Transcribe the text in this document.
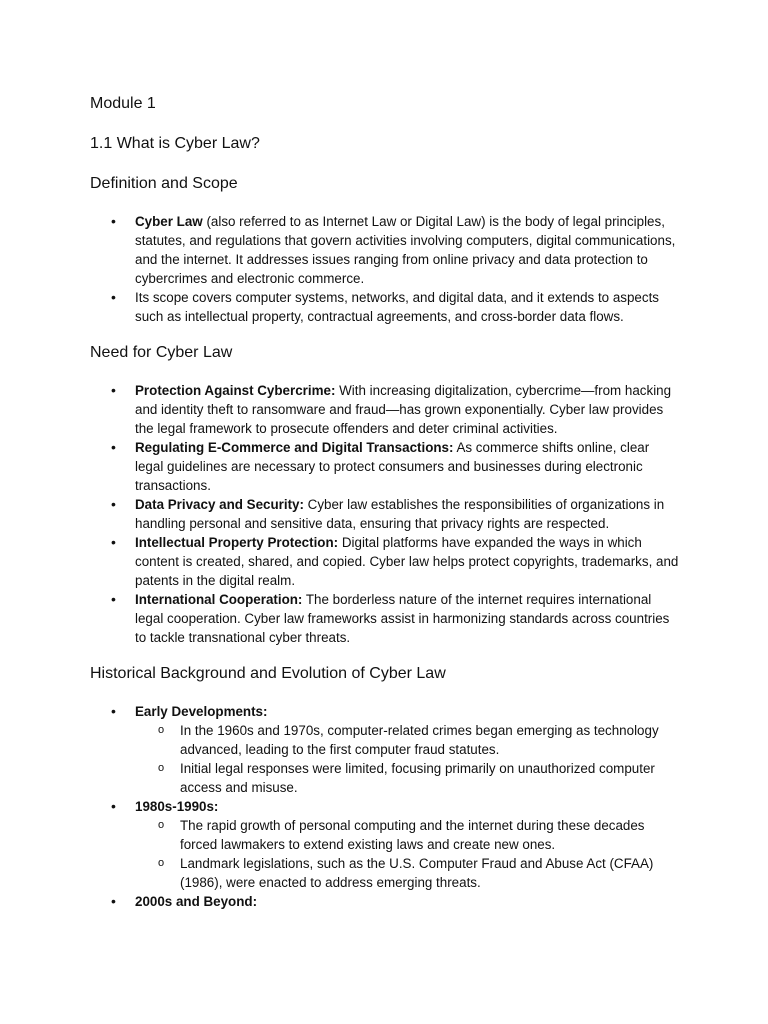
Module 1
1.1 What is Cyber Law?
Definition and Scope
• Cyber Law (also referred to as Internet Law or Digital Law) is the body of legal principles, statutes, and regulations that govern activities involving computers, digital communications, and the internet. It addresses issues ranging from online privacy and data protection to cybercrimes and electronic commerce.
• Its scope covers computer systems, networks, and digital data, and it extends to aspects such as intellectual property, contractual agreements, and cross-border data flows.
Need for Cyber Law
• Protection Against Cybercrime: With increasing digitalization, cybercrime—from hacking and identity theft to ransomware and fraud—has grown exponentially. Cyber law provides the legal framework to prosecute offenders and deter criminal activities.
• Regulating E-Commerce and Digital Transactions: As commerce shifts online, clear legal guidelines are necessary to protect consumers and businesses during electronic transactions.
• Data Privacy and Security: Cyber law establishes the responsibilities of organizations in handling personal and sensitive data, ensuring that privacy rights are respected.
• Intellectual Property Protection: Digital platforms have expanded the ways in which content is created, shared, and copied. Cyber law helps protect copyrights, trademarks, and patents in the digital realm.
• International Cooperation: The borderless nature of the internet requires international legal cooperation. Cyber law frameworks assist in harmonizing standards across countries to tackle transnational cyber threats.
Historical Background and Evolution of Cyber Law
• Early Developments:
o In the 1960s and 1970s, computer-related crimes began emerging as technology advanced, leading to the first computer fraud statutes.
o Initial legal responses were limited, focusing primarily on unauthorized computer access and misuse.
• 1980s-1990s:
o The rapid growth of personal computing and the internet during these decades forced lawmakers to extend existing laws and create new ones.
o Landmark legislations, such as the U.S. Computer Fraud and Abuse Act (CFAA) (1986), were enacted to address emerging threats.
• 2000s and Beyond:
